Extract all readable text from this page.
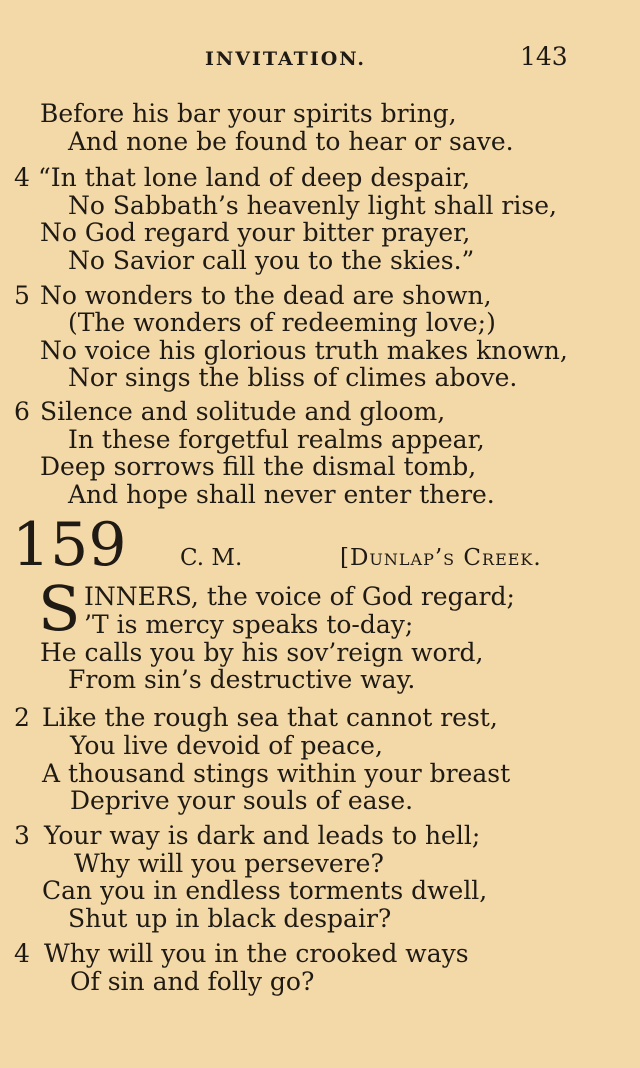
INVITATION.	143
Before his bar your spirits bring,
And none be found to hear or save.
4 “In that lone land of deep despair,
No Sabbath’s heavenly light shall rise,
No God regard your bitter prayer,
No Savior call you to the skies.”
5 No wonders to the dead are shown,
(The wonders of redeeming love;)
No voice his glorious truth makes known,
Nor sings the bliss of climes above.
6 Silence and solitude and gloom,
In these forgetful realms appear,
Deep sorrows fill the dismal tomb,
And hope shall never enter there.
159 C. M.	[Dunlap’s Creek.
S INNERS, the voice of God regard;
’T is mercy speaks to-day;
He calls you by his sov’reign word,
From sin’s destructive way.
2 Like the rough sea that cannot rest,
You live devoid of peace,
A thousand stings within your breast
Deprive your souls of ease.
3 Your way is dark and leads to hell;
Why will you persevere?
Can you in endless torments dwell,
Shut up in black despair?
4 Why will you in the crooked ways
Of sin and folly go?
